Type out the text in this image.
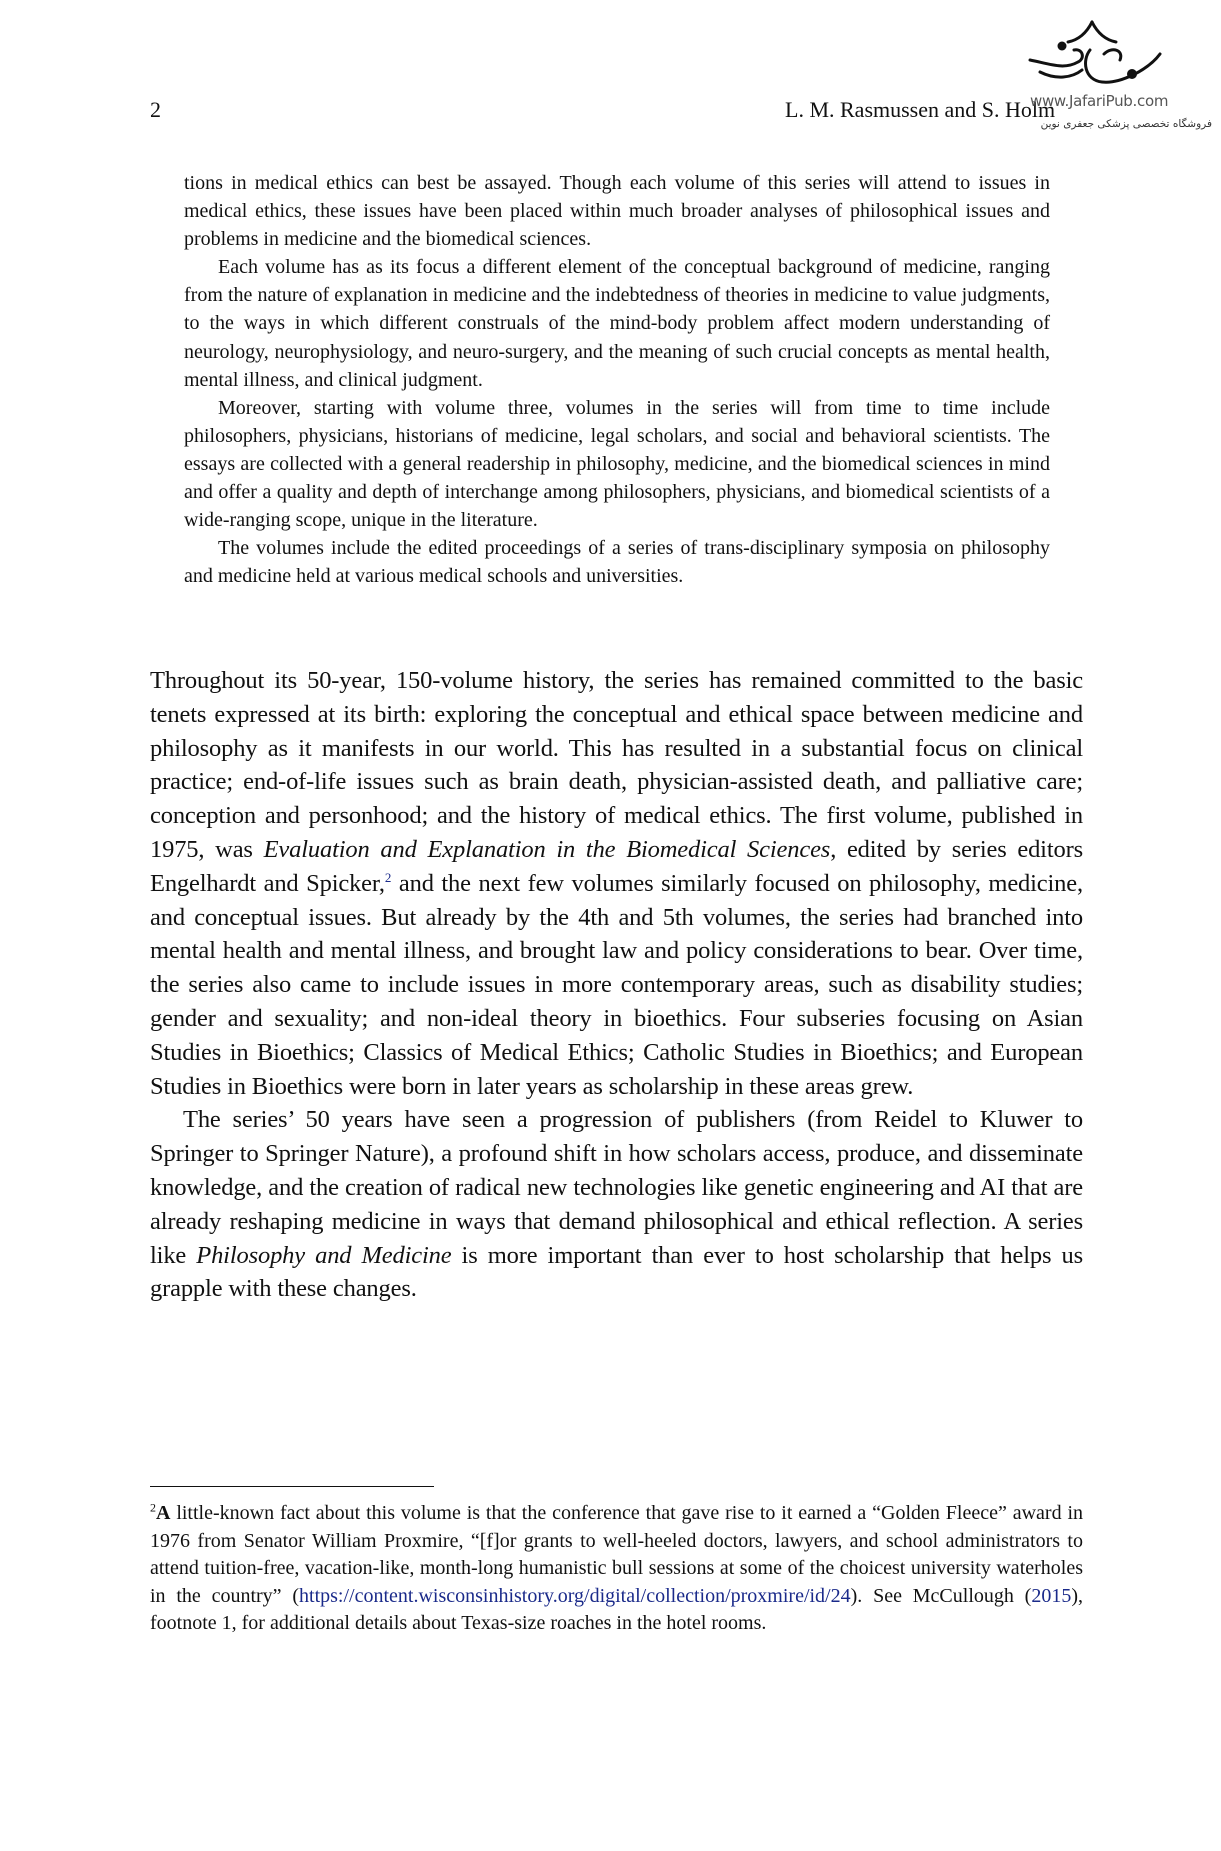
2	L. M. Rasmussen and S. Holm
www.JafariPub.com
فروشگاه تخصصی پزشکی جعفری نوین

tions in medical ethics can best be assayed. Though each volume of this series will attend to issues in medical ethics, these issues have been placed within much broader analyses of philosophical issues and problems in medicine and the biomedical sciences.

Each volume has as its focus a different element of the conceptual background of medicine, ranging from the nature of explanation in medicine and the indebtedness of theories in medicine to value judgments, to the ways in which different construals of the mind-body problem affect modern understanding of neurology, neurophysiology, and neuro-surgery, and the meaning of such crucial concepts as mental health, mental illness, and clinical judgment.

Moreover, starting with volume three, volumes in the series will from time to time include philosophers, physicians, historians of medicine, legal scholars, and social and behavioral scientists. The essays are collected with a general readership in philosophy, medicine, and the biomedical sciences in mind and offer a quality and depth of interchange among philosophers, physicians, and biomedical scientists of a wide-ranging scope, unique in the literature.

The volumes include the edited proceedings of a series of trans-disciplinary symposia on philosophy and medicine held at various medical schools and universities.

Throughout its 50-year, 150-volume history, the series has remained committed to the basic tenets expressed at its birth: exploring the conceptual and ethical space between medicine and philosophy as it manifests in our world. This has resulted in a substantial focus on clinical practice; end-of-life issues such as brain death, physician-assisted death, and palliative care; conception and personhood; and the history of medical ethics. The first volume, published in 1975, was Evaluation and Explanation in the Biomedical Sciences, edited by series editors Engelhardt and Spicker,$^2$ and the next few volumes similarly focused on philosophy, medicine, and conceptual issues. But already by the 4th and 5th volumes, the series had branched into mental health and mental illness, and brought law and policy considerations to bear. Over time, the series also came to include issues in more contemporary areas, such as disability studies; gender and sexuality; and non-ideal theory in bioethics. Four subseries focusing on Asian Studies in Bioethics; Classics of Medical Ethics; Catholic Studies in Bioethics; and European Studies in Bioethics were born in later years as scholarship in these areas grew.

The series’ 50 years have seen a progression of publishers (from Reidel to Kluwer to Springer to Springer Nature), a profound shift in how scholars access, produce, and disseminate knowledge, and the creation of radical new technologies like genetic engineering and AI that are already reshaping medicine in ways that demand philosophical and ethical reflection. A series like Philosophy and Medicine is more important than ever to host scholarship that helps us grapple with these changes.

$^2$A little-known fact about this volume is that the conference that gave rise to it earned a “Golden Fleece” award in 1976 from Senator William Proxmire, “[f]or grants to well-heeled doctors, lawyers, and school administrators to attend tuition-free, vacation-like, month-long humanistic bull sessions at some of the choicest university waterholes in the country” (https://content.wisconsinhistory.org/digital/collection/proxmire/id/24). See McCullough (2015), footnote 1, for additional details about Texas-size roaches in the hotel rooms.
